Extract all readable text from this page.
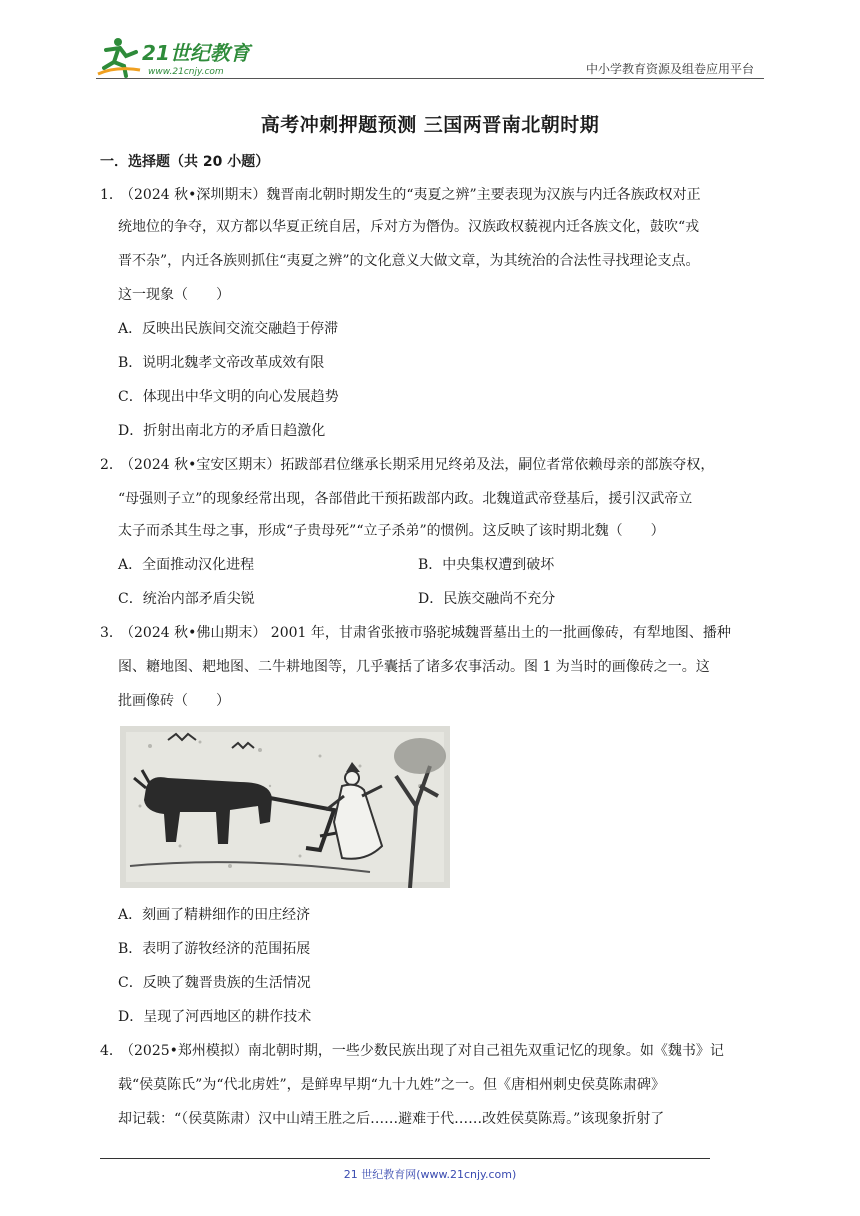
21世纪教育
www.21cnjy.com	中小学教育资源及组卷应用平台
高考冲刺押题预测 三国两晋南北朝时期
一．选择题（共 20 小题）
1．
（2024 秋•深圳期末）魏晋南北朝时期发生的“夷夏之辨”主要表现为汉族与内迁各族政权对正
统地位的争夺，双方都以华夏正统自居，斥对方为僭伪。汉族政权藐视内迁各族文化，鼓吹“戎
晋不杂”，内迁各族则抓住“夷夏之辨”的文化意义大做文章，为其统治的合法性寻找理论支点。
这一现象（　　）
A．反映出民族间交流交融趋于停滞
B．说明北魏孝文帝改革成效有限
C．体现出中华文明的向心发展趋势
D．折射出南北方的矛盾日趋激化
2．
（2024 秋•宝安区期末）拓跋部君位继承长期采用兄终弟及法，嗣位者常依赖母亲的部族夺权，
“母强则子立”的现象经常出现，各部借此干预拓跋部内政。北魏道武帝登基后，援引汉武帝立
太子而杀其生母之事，形成“子贵母死”“立子杀弟”的惯例。这反映了该时期北魏（　　）
A．全面推动汉化进程	B．中央集权遭到破坏
C．统治内部矛盾尖锐	D．民族交融尚不充分
3．
（2024 秋•佛山期末） 2001 年，甘肃省张掖市骆驼城魏晋墓出土的一批画像砖，有犁地图、播种
图、耱地图、耙地图、二牛耕地图等，几乎囊括了诸多农事活动。图 1 为当时的画像砖之一。这
批画像砖（　　）
A．刻画了精耕细作的田庄经济
B．表明了游牧经济的范围拓展
C．反映了魏晋贵族的生活情况
D．呈现了河西地区的耕作技术
4．
（2025•郑州模拟）南北朝时期，一些少数民族出现了对自己祖先双重记忆的现象。如《魏书》记
载“侯莫陈氏”为“代北虏姓”，是鲜卑早期“九十九姓”之一。但《唐相州刺史侯莫陈肃碑》
却记载：“（侯莫陈肃）汉中山靖王胜之后……避难于代……改姓侯莫陈焉。”该现象折射了
21 世纪教育网(www.21cnjy.com)
